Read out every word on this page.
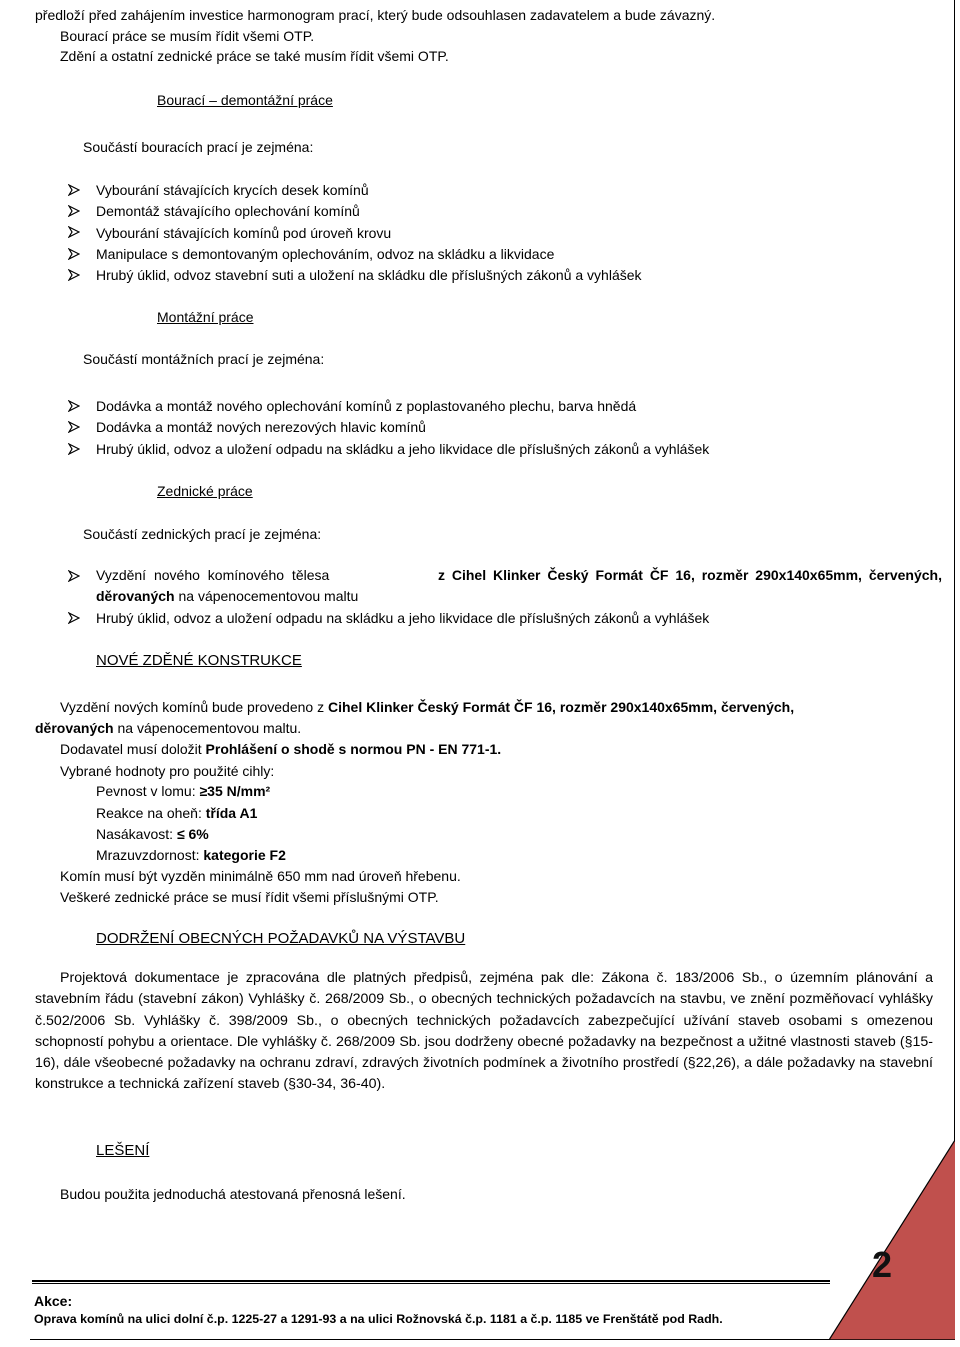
předloží před zahájením investice harmonogram prací, který bude odsouhlasen zadavatelem a bude závazný.
Bourací práce se musím řídit všemi OTP.
Zdění a ostatní zednické práce se také musím řídit všemi OTP.
Bourací – demontážní práce
Součástí bouracích prací je zejména:
Vybourání stávajících krycích desek komínů
Demontáž stávajícího oplechování komínů
Vybourání stávajících komínů pod úroveň krovu
Manipulace s demontovaným oplechováním, odvoz na skládku a likvidace
Hrubý úklid, odvoz stavební suti a uložení na skládku dle příslušných zákonů a vyhlášek
Montážní práce
Součástí montážních prací je zejména:
Dodávka a montáž nového oplechování komínů z poplastovaného plechu, barva hnědá
Dodávka a montáž nových nerezových hlavic komínů
Hrubý úklid, odvoz a uložení odpadu na skládku a jeho likvidace dle příslušných zákonů a vyhlášek
Zednické práce
Součástí zednických prací je zejména:
Vyzdění nového komínového tělesa	z Cihel Klinker Český Formát ČF 16, rozměr 290x140x65mm, červených,
děrovaných na vápenocementovou maltu
Hrubý úklid, odvoz a uložení odpadu na skládku a jeho likvidace dle příslušných zákonů a vyhlášek
NOVÉ ZDĚNÉ KONSTRUKCE
Vyzdění nových komínů bude provedeno z Cihel Klinker Český Formát ČF 16, rozměr 290x140x65mm, červených,
děrovaných na vápenocementovou maltu.
Dodavatel musí doložit Prohlášení o shodě s normou PN - EN 771-1.
Vybrané hodnoty pro použité cihly:
Pevnost v lomu: ≥35 N/mm²
Reakce na oheň: třída A1
Nasákavost: ≤ 6%
Mrazuvzdornost: kategorie F2
Komín musí být vyzděn minimálně 650 mm nad úroveň hřebenu.
Veškeré zednické práce se musí řídit všemi příslušnými OTP.
DODRŽENÍ OBECNÝCH POŽADAVKŮ NA VÝSTAVBU
Projektová dokumentace je zpracována dle platných předpisů, zejména pak dle: Zákona č. 183/2006 Sb., o územním plánování a stavebním řádu (stavební zákon) Vyhlášky č. 268/2009 Sb., o obecných technických požadavcích na stavbu, ve znění pozměňovací vyhlášky č.502/2006 Sb. Vyhlášky č. 398/2009 Sb., o obecných technických požadavcích zabezpečující užívání staveb osobami s omezenou schopností pohybu a orientace. Dle vyhlášky č. 268/2009 Sb. jsou dodrženy obecné požadavky na bezpečnost a užitné vlastnosti staveb (§15-16), dále všeobecné požadavky na ochranu zdraví, zdravých životních podmínek a životního prostředí (§22,26), a dále požadavky na stavební konstrukce a technická zařízení staveb (§30-34, 36-40).
LEŠENÍ
Budou použita jednoduchá atestovaná přenosná lešení.
2
Akce:
Oprava komínů na ulici dolní č.p. 1225-27 a 1291-93 a na ulici Rožnovská č.p. 1181 a č.p. 1185 ve Frenštátě pod Radh.
